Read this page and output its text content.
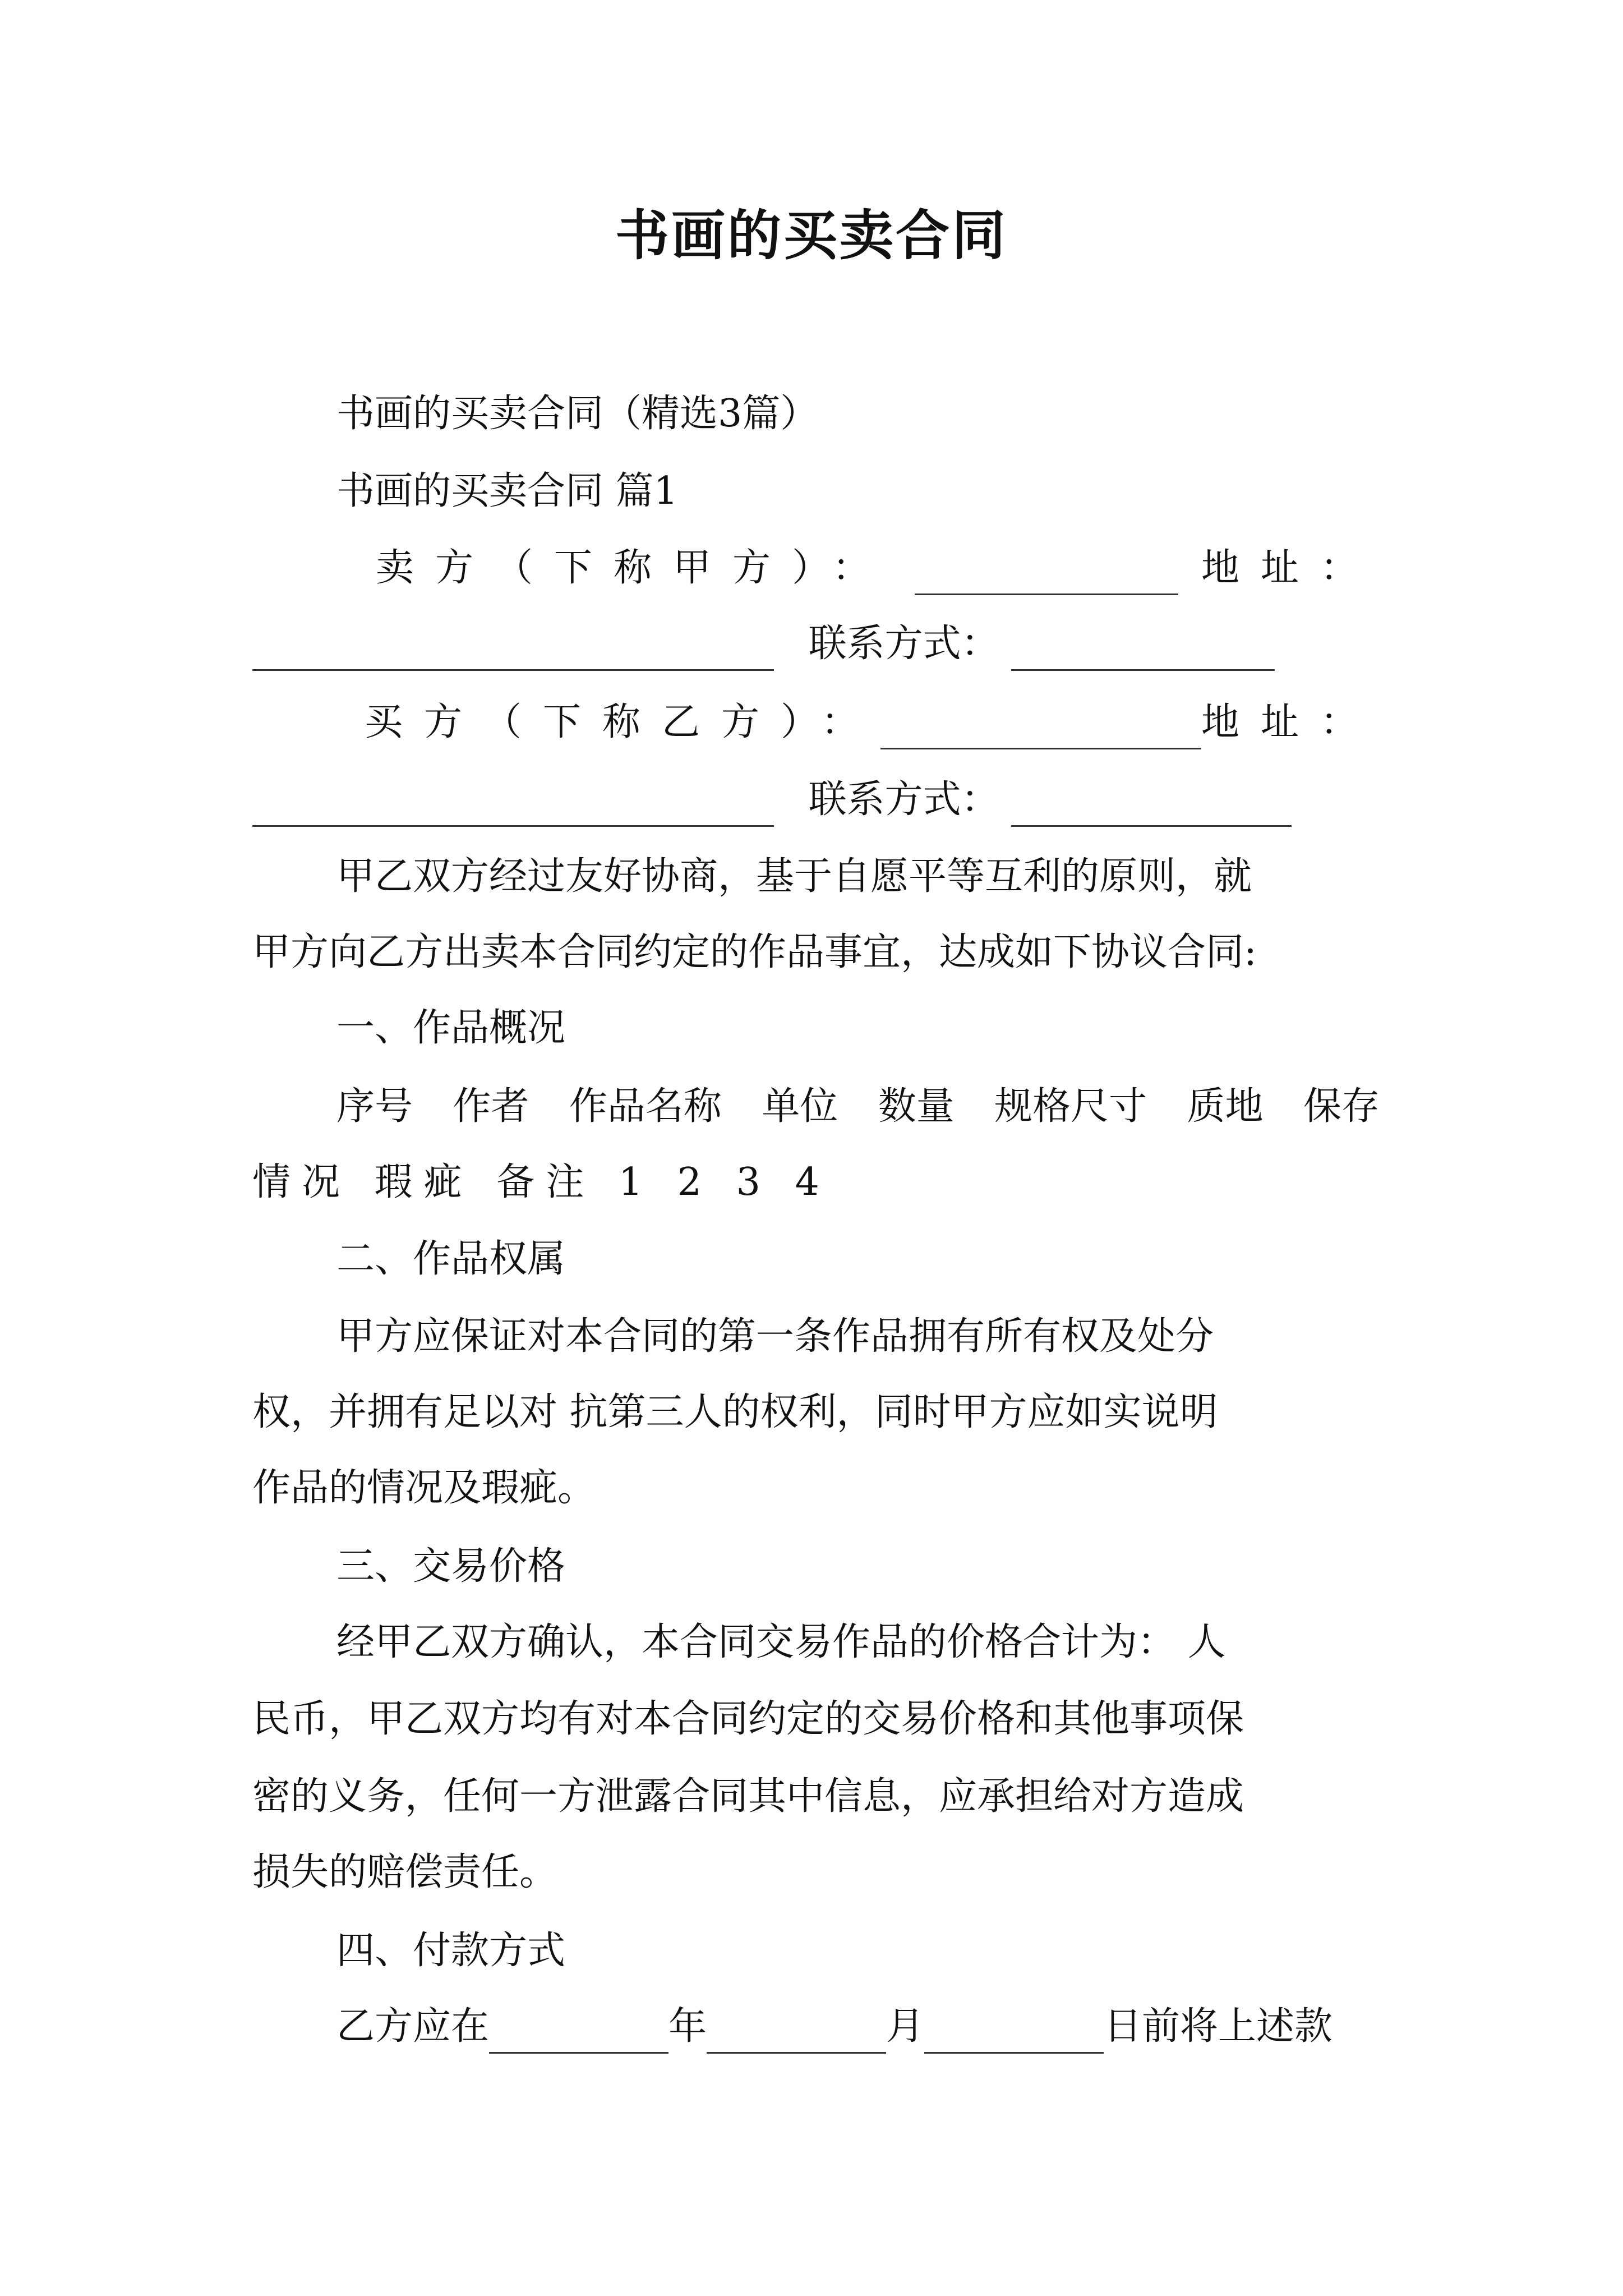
书画的买卖合同
书画的买卖合同（精选3篇）
书画的买卖合同 篇1
卖方（下称甲方）：	地址：
联系方式：
买方（下称乙方）：	地址：
联系方式：
甲乙双方经过友好协商，基于自愿平等互利的原则，就
甲方向乙方出卖本合同约定的作品事宜，达成如下协议合同:
一、作品概况
序号 作者 作品名称 单位 数量 规格尺寸 质地 保存
情况 瑕疵 备注 1 2 3 4
二、作品权属
甲方应保证对本合同的第一条作品拥有所有权及处分
权，并拥有足以对 抗第三人的权利，同时甲方应如实说明
作品的情况及瑕疵。
三、交易价格
经甲乙双方确认，本合同交易作品的价格合计为： 人
民币，甲乙双方均有对本合同约定的交易价格和其他事项保
密的义务，任何一方泄露合同其中信息，应承担给对方造成
损失的赔偿责任。
四、付款方式
乙方应在	年	月	日前将上述款
